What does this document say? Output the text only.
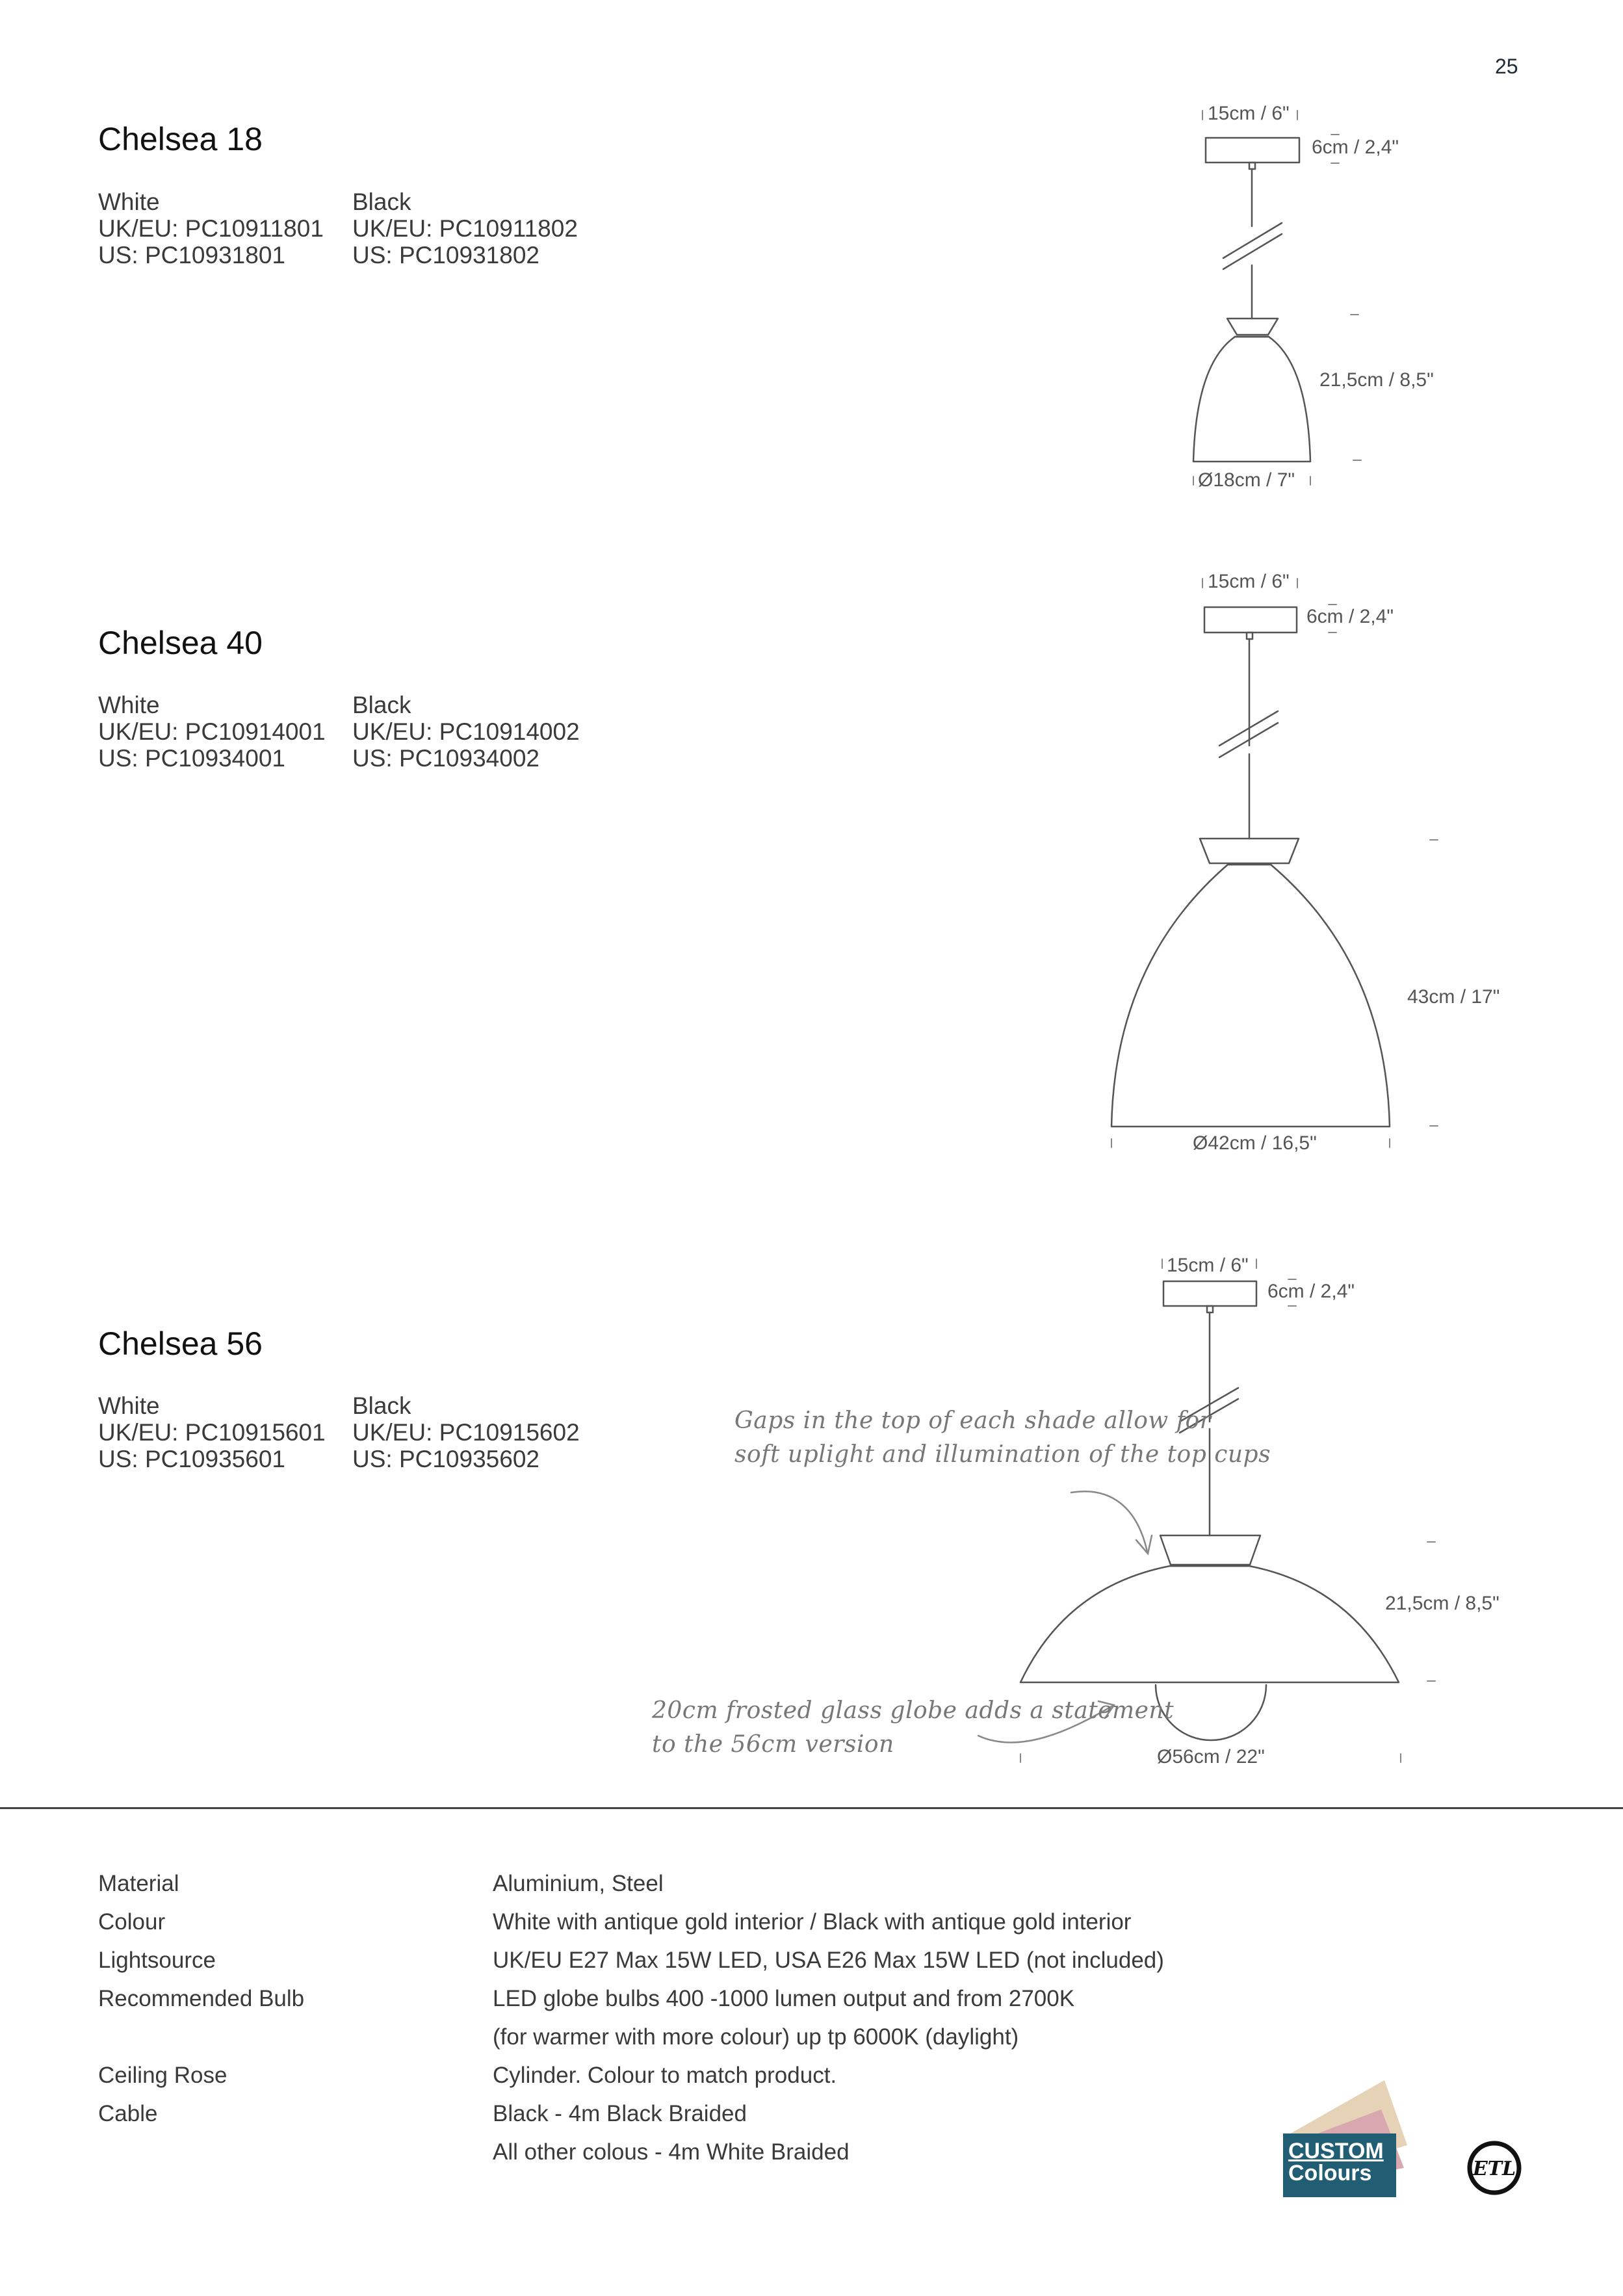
25
Chelsea 18
White
UK/EU: PC10911801
US: PC10931801
Black
UK/EU: PC10911802
US: PC10931802
Chelsea 40
White
UK/EU: PC10914001
US: PC10934001
Black
UK/EU: PC10914002
US: PC10934002
Chelsea 56
White
UK/EU: PC10915601
US: PC10935601
Black
UK/EU: PC10915602
US: PC10935602
15cm / 6"
6cm / 2,4"
21,5cm / 8,5"
Ø18cm / 7"
15cm / 6"
6cm / 2,4"
43cm / 17"
Ø42cm / 16,5"
15cm / 6"
6cm / 2,4"
21,5cm / 8,5"
Ø56cm / 22"
Gaps in the top of each shade allow for
soft uplight and illumination of the top cups
20cm frosted glass globe adds a statement
to the 56cm version
Material
Colour
Lightsource
Recommended Bulb

Ceiling Rose
Cable
Aluminium, Steel
White with antique gold interior / Black with antique gold interior
UK/EU E27 Max 15W LED, USA E26 Max 15W LED (not included)
LED globe bulbs 400 -1000 lumen output and from 2700K
(for warmer with more colour) up tp 6000K (daylight)
Cylinder. Colour to match product.
Black - 4m Black Braided
All other colous - 4m White Braided	CUSTOM
Colours	ETL
